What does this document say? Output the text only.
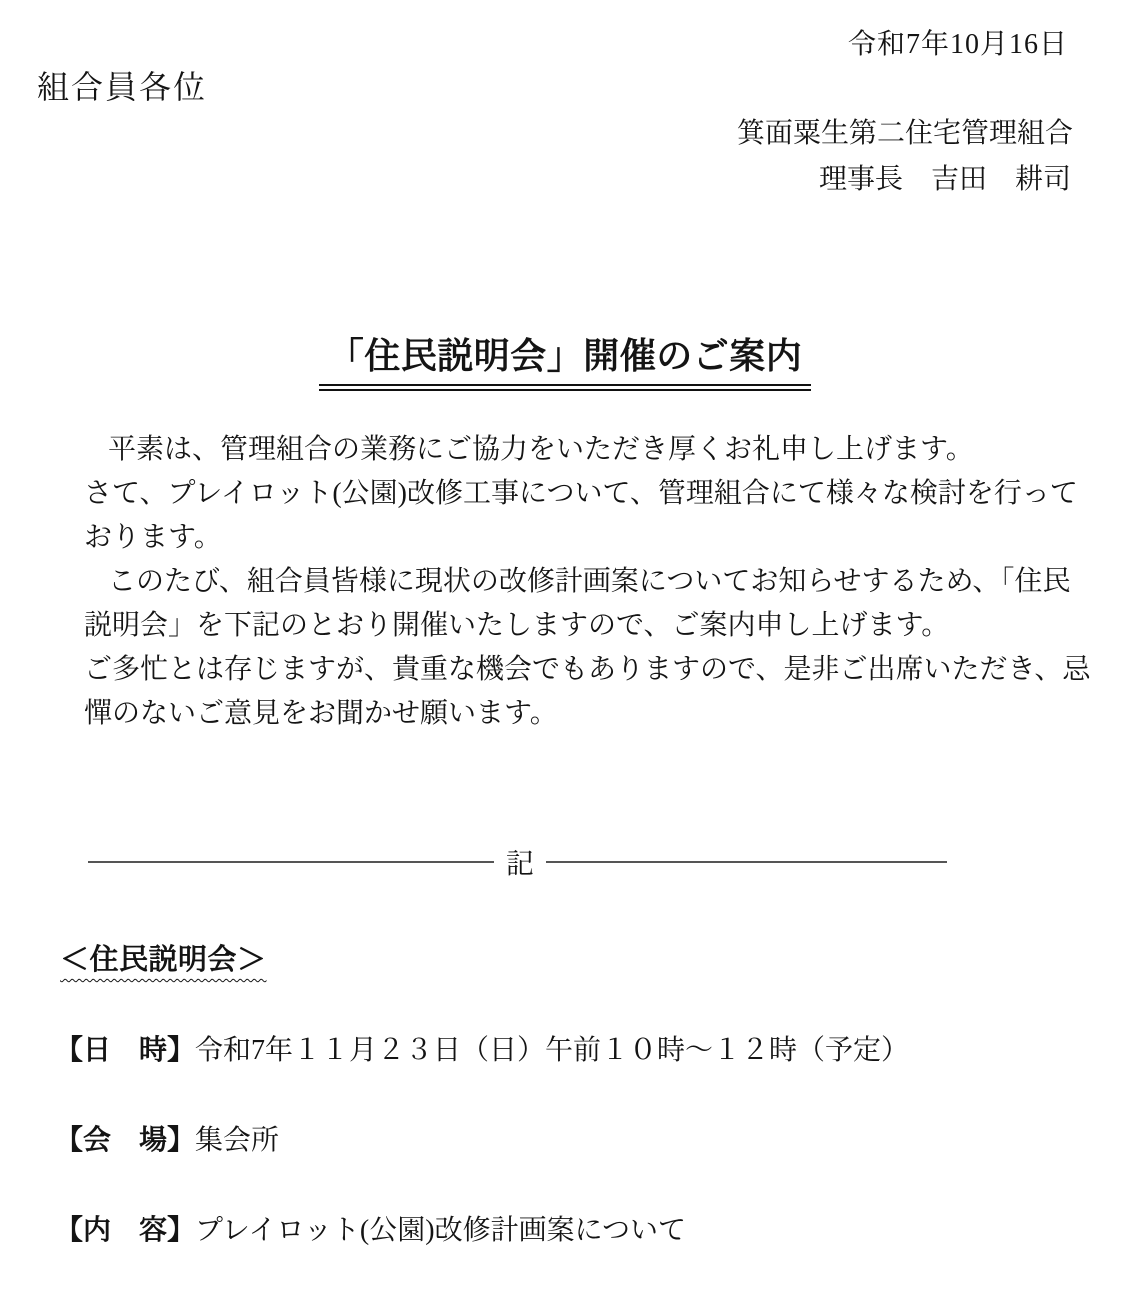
令和7年10月16日
組合員各位
箕面粟生第二住宅管理組合
理事長　吉田　耕司
「住民説明会」開催のご案内
平素は、管理組合の業務にご協力をいただき厚くお礼申し上げます。
さて、プレイロット(公園)改修工事について、管理組合にて様々な検討を行って
おります。
このたび、組合員皆様に現状の改修計画案についてお知らせするため、「住民
説明会」を下記のとおり開催いたしますので、ご案内申し上げます。
ご多忙とは存じますが、貴重な機会でもありますので、是非ご出席いただき、忌
憚のないご意見をお聞かせ願います。
記
＜住民説明会＞
【日　時】令和7年１１月２３日（日）午前１０時～１２時（予定）
【会　場】集会所
【内　容】プレイロット(公園)改修計画案について
